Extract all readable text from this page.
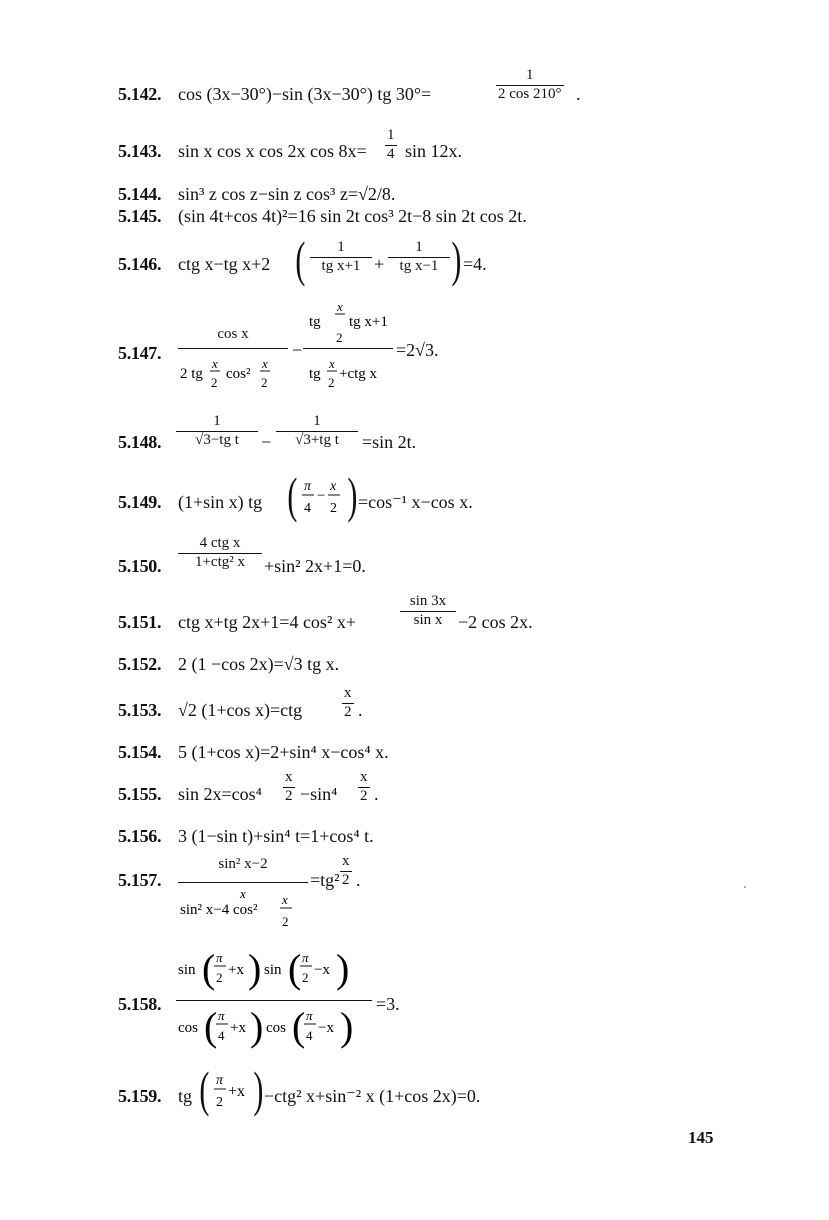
5.142. cos (3x−30°)−sin (3x−30°) tg 30°=
1
2 cos 210° .
5.143. sin x cos x cos 2x cos 8x=
1
4 sin 12x.
5.144. sin³ z cos z−sin z cos³ z=√2/8.
5.145. (sin 4t+cos 4t)²=16 sin 2t cos³ 2t−8 sin 2t cos 2t.
5.146. ctg x−tg x+2 (	1
tg x+1 +
1
tg x−1 ) =4.
5.147.
cos x
2 tg
x
2
cos²
x
2
−
x
tg
2
tg x+1
tg
x
2
+ctg x
=2√3.
5.148.
1
√3−tg t	−
1
√3+tg t	=sin 2t.
5.149. (1+sin x) tg ( π
4
−
x
2 ) =cos⁻¹ x−cos x.
5.150.
4 ctg x
1+ctg² x	+sin² 2x+1=0.
5.151. ctg x+tg 2x+1=4 cos² x+
sin 3x
sin x −2 cos 2x.
5.152. 2 (1 −cos 2x)=√3 tg x.
5.153. √2 (1+cos x)=ctg
x
2 .
5.154. 5 (1+cos x)=2+sin⁴ x−cos⁴ x.
5.155. sin 2x=cos⁴
x
2 −sin⁴
x
2 .
5.156. 3 (1−sin t)+sin⁴ t=1+cos⁴ t.
5.157.
sin² x−2
x
sin² x−4 cos²
x
2
=tg²
x
2 .
5.158.
sin ( π
2 +x ) sin ( π
2 −x )
cos ( π
4 +x ) cos ( π
4 −x ) =3.
5.159. tg ( π
2
+x ) −ctg² x+sin⁻² x (1+cos 2x)=0.
145
